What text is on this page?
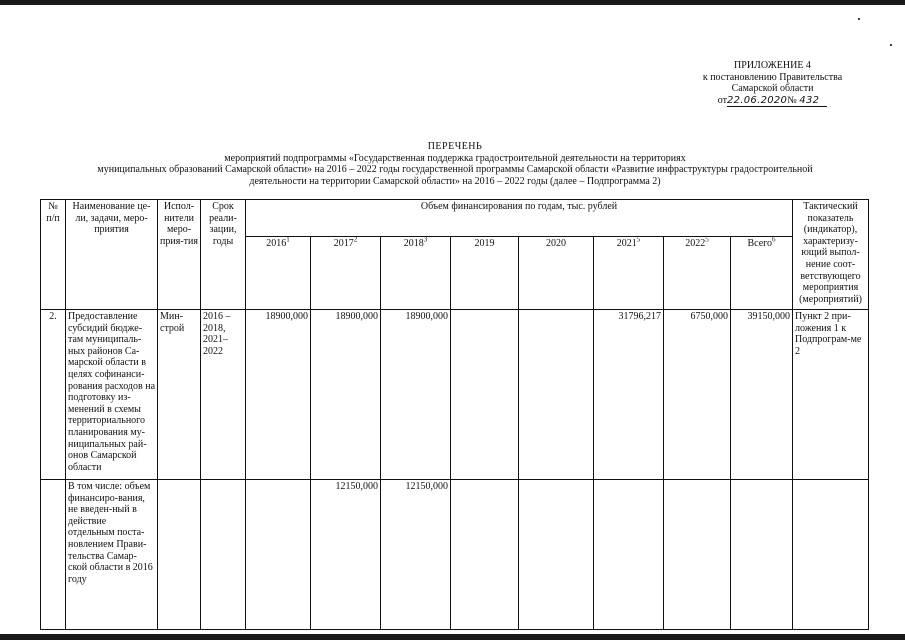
ПРИЛОЖЕНИЕ 4
к постановлению Правительства
Самарской области
от22.06.2020№ 432
ПЕРЕЧЕНЬ
мероприятий подпрограммы «Государственная поддержка градостроительной деятельности на территориях
муниципальных образований Самарской области» на 2016 – 2022 годы государственной программы Самарской области «Развитие инфраструктуры градостроительной
деятельности на территории Самарской области» на 2016 – 2022 годы (далее – Подпрограмма 2)
№ п/п	Наименование це-ли, задачи, меро-приятия	Испол-нители меро-прия-тия	Срок реали-зации, годы	Объем финансирования по годам, тыс. рублей								Тактический показатель (индикатор), характеризу-ющий выпол-нение соот-ветствующего мероприятия (мероприятий)
				2016$^1$	2017$^2$	2018$^3$	2019	2020	2021$^5$	2022$^5$	Всего$^6$
2.	Предоставление субсидий бюдже-там муниципаль-ных районов Са-марской области в целях софинанси-рования расходов на подготовку из-менений в схемы территориального планирования му-ниципальных рай-онов Самарской области	Мин-строй	2016 – 2018, 2021– 2022	18900,000	18900,000	18900,000			31796,217	6750,000	39150,000	Пункт 2 при-ложения 1 к Подпрограм-ме 2
	В том числе: объем финансиро-вания, не введен-ный в действие отдельным поста-новлением Прави-тельства Самар-ской области в 2016 году				12150,000	12150,000						
